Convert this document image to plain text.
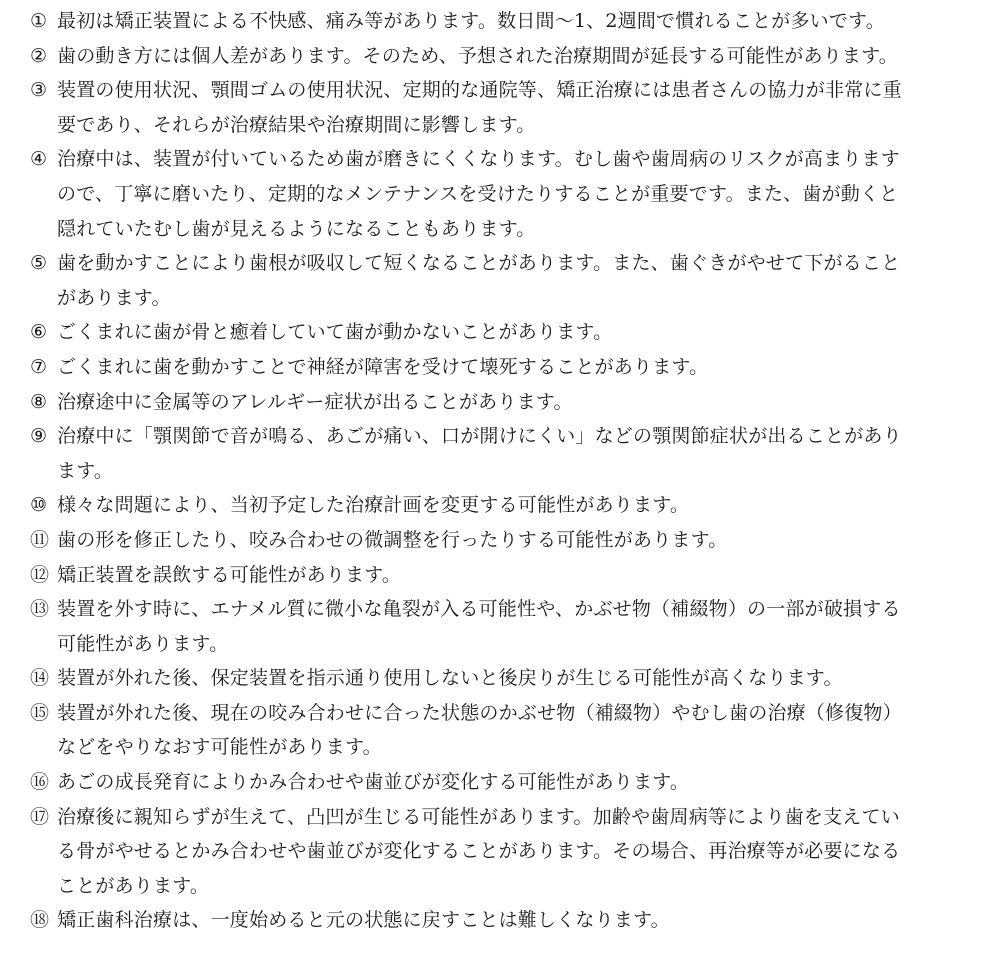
① 最初は矯正装置による不快感、痛み等があります。数日間〜1、2週間で慣れることが多いです。
② 歯の動き方には個人差があります。そのため、予想された治療期間が延長する可能性があります。
③ 装置の使用状況、顎間ゴムの使用状況、定期的な通院等、矯正治療には患者さんの協力が非常に重
要であり、それらが治療結果や治療期間に影響します。
④ 治療中は、装置が付いているため歯が磨きにくくなります。むし歯や歯周病のリスクが高まります
ので、丁寧に磨いたり、定期的なメンテナンスを受けたりすることが重要です。また、歯が動くと
隠れていたむし歯が見えるようになることもあります。
⑤ 歯を動かすことにより歯根が吸収して短くなることがあります。また、歯ぐきがやせて下がること
があります。
⑥ ごくまれに歯が骨と癒着していて歯が動かないことがあります。
⑦ ごくまれに歯を動かすことで神経が障害を受けて壊死することがあります。
⑧ 治療途中に金属等のアレルギー症状が出ることがあります。
⑨ 治療中に「顎関節で音が鳴る、あごが痛い、口が開けにくい」などの顎関節症状が出ることがあり
ます。
⑩ 様々な問題により、当初予定した治療計画を変更する可能性があります。
⑪ 歯の形を修正したり、咬み合わせの微調整を行ったりする可能性があります。
⑫ 矯正装置を誤飲する可能性があります。
⑬ 装置を外す時に、エナメル質に微小な亀裂が入る可能性や、かぶせ物（補綴物）の一部が破損する
可能性があります。
⑭ 装置が外れた後、保定装置を指示通り使用しないと後戻りが生じる可能性が高くなります。
⑮ 装置が外れた後、現在の咬み合わせに合った状態のかぶせ物（補綴物）やむし歯の治療（修復物）
などをやりなおす可能性があります。
⑯ あごの成長発育によりかみ合わせや歯並びが変化する可能性があります。
⑰ 治療後に親知らずが生えて、凸凹が生じる可能性があります。加齢や歯周病等により歯を支えてい
る骨がやせるとかみ合わせや歯並びが変化することがあります。その場合、再治療等が必要になる
ことがあります。
⑱ 矯正歯科治療は、一度始めると元の状態に戻すことは難しくなります。
